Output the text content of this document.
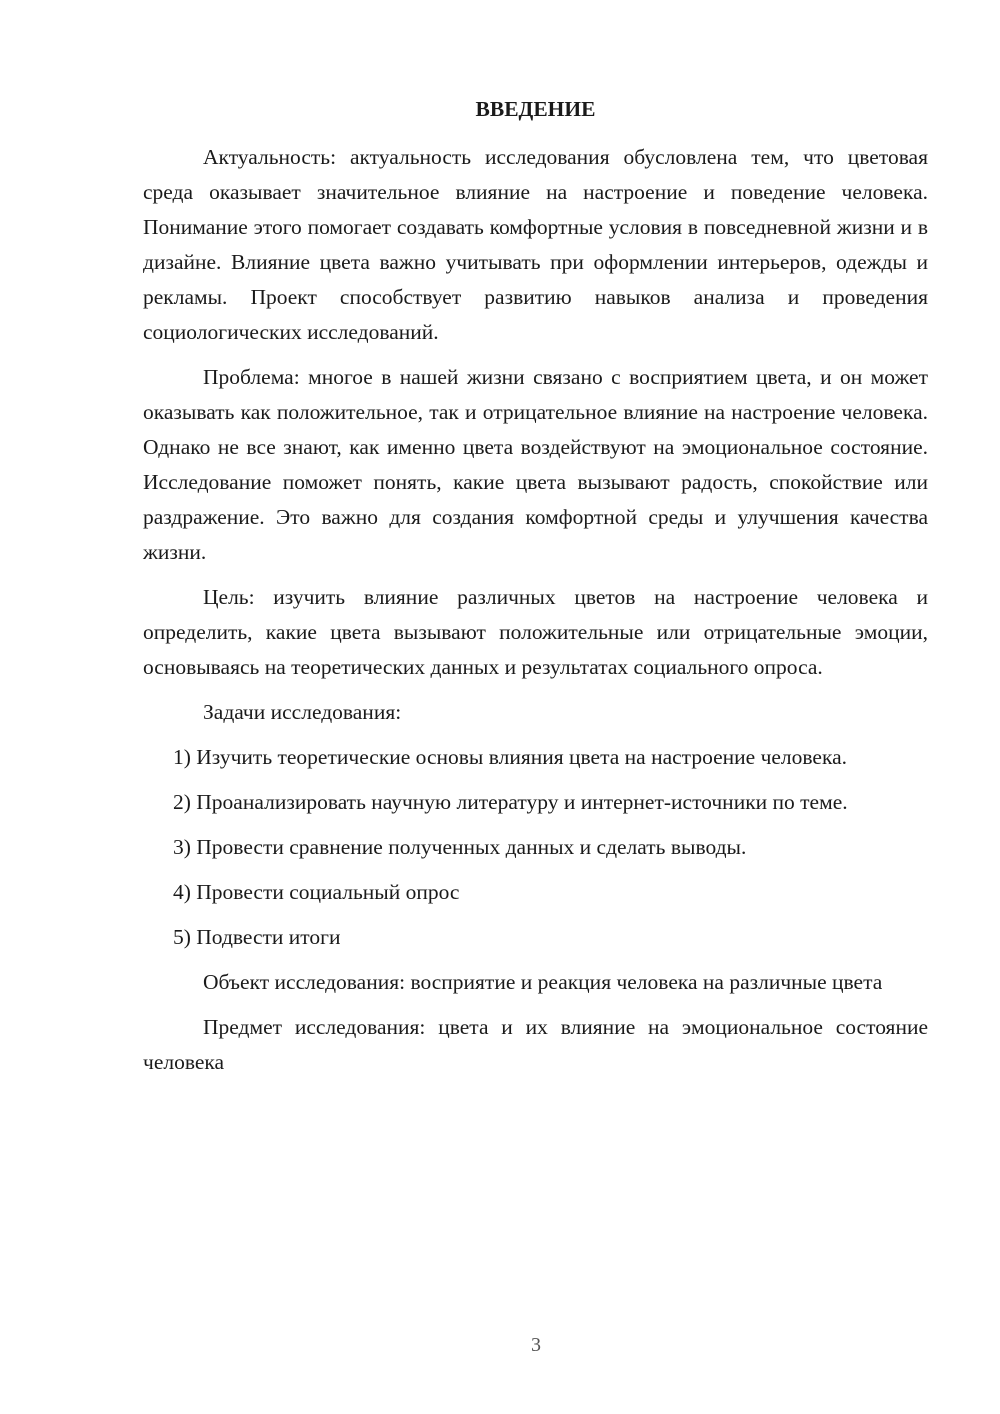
ВВЕДЕНИЕ

Актуальность: актуальность исследования обусловлена тем, что цветовая среда оказывает значительное влияние на настроение и поведение человека. Понимание этого помогает создавать комфортные условия в повседневной жизни и в дизайне. Влияние цвета важно учитывать при оформлении интерьеров, одежды и рекламы. Проект способствует развитию навыков анализа и проведения социологических исследований.

Проблема: многое в нашей жизни связано с восприятием цвета, и он может оказывать как положительное, так и отрицательное влияние на настроение человека. Однако не все знают, как именно цвета воздействуют на эмоциональное состояние. Исследование поможет понять, какие цвета вызывают радость, спокойствие или раздражение. Это важно для создания комфортной среды и улучшения качества жизни.

Цель: изучить влияние различных цветов на настроение человека и определить, какие цвета вызывают положительные или отрицательные эмоции, основываясь на теоретических данных и результатах социального опроса.

Задачи исследования:

1) Изучить теоретические основы влияния цвета на настроение человека.

2) Проанализировать научную литературу и интернет-источники по теме.

3) Провести сравнение полученных данных и сделать выводы.

4) Провести социальный опрос

5) Подвести итоги

Объект исследования: восприятие и реакция человека на различные цвета

Предмет исследования: цвета и их влияние на эмоциональное состояние человека

3
